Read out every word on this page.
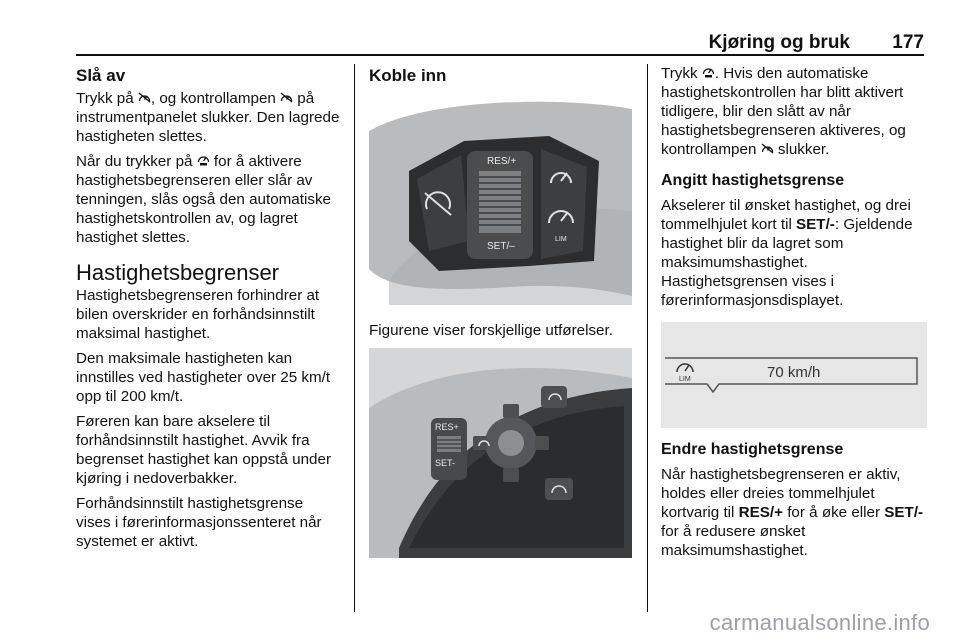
Kjøring og bruk 177
Slå av

Trykk på , og kontrollampen  på instrumentpanelet slukker. Den lagrede hastigheten slettes.

Når du trykker på  for å aktivere hastighetsbegrenseren eller slår av tenningen, slås også den automatiske hastighetskontrollen av, og lagret hastighet slettes.

Hastighetsbegrenser

Hastighetsbegrenseren forhindrer at bilen overskrider en forhåndsinnstilt maksimal hastighet.

Den maksimale hastigheten kan innstilles ved hastigheter over 25 km/t opp til 200 km/t.

Føreren kan bare akselere til forhåndsinnstilt hastighet. Avvik fra begrenset hastighet kan oppstå under kjøring i nedoverbakker.

Forhåndsinnstilt hastighetsgrense vises i førerinformasjonssenteret når systemet er aktivt.

Koble inn
RES/+
SET/–
LIM

Figurene viser forskjellige utførelser.

RES+
SET-

Trykk . Hvis den automatiske hastighetskontrollen har blitt aktivert tidligere, blir den slått av når hastighetsbegrenseren aktiveres, og kontrollampen  slukker.

Angitt hastighetsgrense

Akselerer til ønsket hastighet, og drei tommelhjulet kort til SET/-: Gjeldende hastighet blir da lagret som maksimumshastighet. Hastighetsgrensen vises i førerinformasjonsdisplayet.

LIM	70 km/h
Endre hastighetsgrense

Når hastighetsbegrenseren er aktiv, holdes eller dreies tommelhjulet kortvarig til RES/+ for å øke eller SET/- for å redusere ønsket maksimumshastighet.

carmanualsonline.info
